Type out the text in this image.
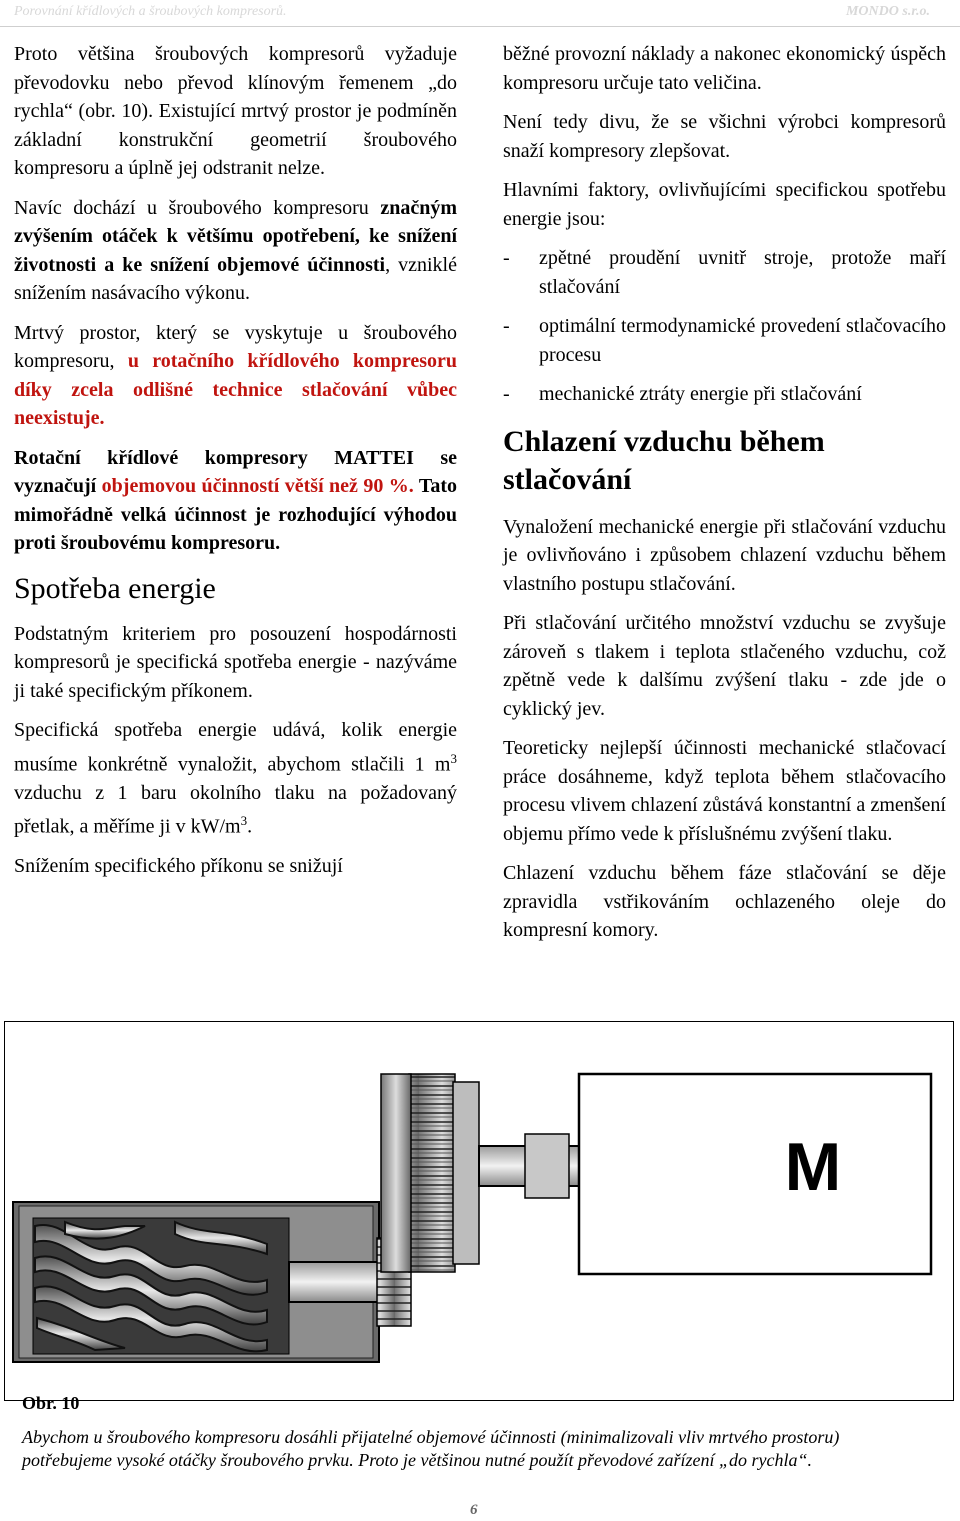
Porovnání křídlových a šroubových kompresorů.	MONDO s.r.o.

Proto většina šroubových kompresorů vyžaduje převodovku nebo převod klínovým řemenem „do rychla“ (obr. 10). Existující mrtvý prostor je podmíněn základní konstrukční geometrií šroubového kompresoru a úplně jej odstranit nelze.

Navíc dochází u šroubového kompresoru značným zvýšením otáček k většímu opotřebení, ke snížení životnosti a ke snížení objemové účinnosti, vzniklé snížením nasávacího výkonu.

Mrtvý prostor, který se vyskytuje u šroubového kompresoru, u rotačního křídlového kompresoru díky zcela odlišné technice stlačování vůbec neexistuje.

Rotační křídlové kompresory MATTEI se vyznačují objemovou účinností větší než 90 %. Tato mimořádně velká účinnost je rozhodující výhodou proti šroubovému kompresoru.

Spotřeba energie

Podstatným kriteriem pro posouzení hospodárnosti kompresorů je specifická spotřeba energie - nazýváme ji také specifickým příkonem.

Specifická spotřeba energie udává, kolik energie musíme konkrétně vynaložit, abychom stlačili 1 $m^3$ vzduchu z 1 baru okolního tlaku na požadovaný přetlak, a měříme ji v $kW/m^3$.

Snížením specifického příkonu se snižují

běžné provozní náklady a nakonec ekonomický úspěch kompresoru určuje tato veličina.

Není tedy divu, že se všichni výrobci kompresorů snaží kompresory zlepšovat.

Hlavními faktory, ovlivňujícími specifickou spotřebu energie jsou:

-	zpětné proudění uvnitř stroje, protože maří stlačování
-	optimální termodynamické provedení stlačovacího procesu
-	mechanické ztráty energie při stlačování
Chlazení vzduchu během stlačování

Vynaložení mechanické energie při stlačování vzduchu je ovlivňováno i způsobem chlazení vzduchu během vlastního postupu stlačování.

Při stlačování určitého množství vzduchu se zvyšuje zároveň s tlakem i teplota stlačeného vzduchu, což zpětně vede k dalšímu zvýšení tlaku - zde jde o cyklický jev.

Teoreticky nejlepší účinnosti mechanické stlačovací práce dosáhneme, když teplota během stlačovacího procesu vlivem chlazení zůstává konstantní a zmenšení objemu přímo vede k příslušnému zvýšení tlaku.

Chlazení vzduchu během fáze stlačování se děje zpravidla vstřikováním ochlazeného oleje do kompresní komory.

M
Obr. 10
Abychom u šroubového kompresoru dosáhli přijatelné objemové účinnosti (minimalizovali vliv mrtvého prostoru) potřebujeme vysoké otáčky šroubového prvku. Proto je většinou nutné použít převodové zařízení „do rychla“.
6
